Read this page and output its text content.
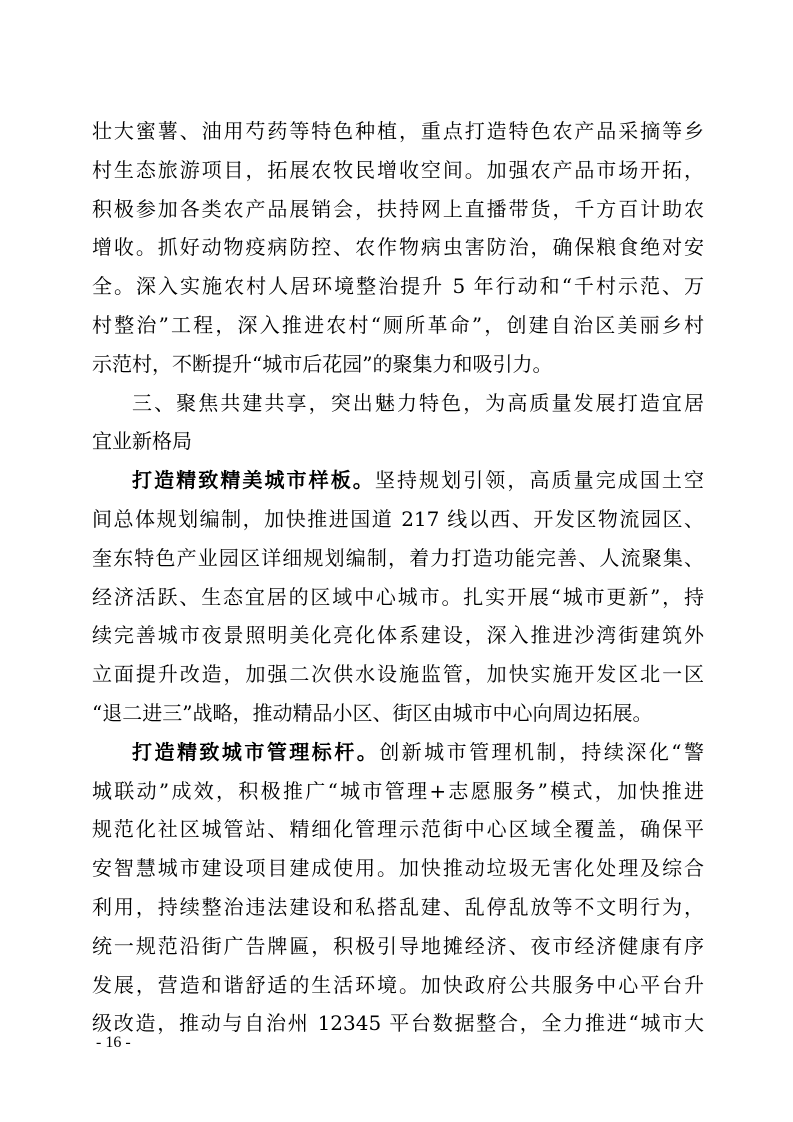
壮大蜜薯、油用芍药等特色种植，重点打造特色农产品采摘等乡
村生态旅游项目，拓展农牧民增收空间。加强农产品市场开拓，
积极参加各类农产品展销会，扶持网上直播带货，千方百计助农
增收。抓好动物疫病防控、农作物病虫害防治，确保粮食绝对安
全。深入实施农村人居环境整治提升 5 年行动和“千村示范、万
村整治”工程，深入推进农村“厕所革命”，创建自治区美丽乡村
示范村，不断提升“城市后花园”的聚集力和吸引力。
三、聚焦共建共享，突出魅力特色，为高质量发展打造宜居
宜业新格局
打造精致精美城市样板。坚持规划引领，高质量完成国土空
间总体规划编制，加快推进国道 217 线以西、开发区物流园区、
奎东特色产业园区详细规划编制，着力打造功能完善、人流聚集、
经济活跃、生态宜居的区域中心城市。扎实开展“城市更新”，持
续完善城市夜景照明美化亮化体系建设，深入推进沙湾街建筑外
立面提升改造，加强二次供水设施监管，加快实施开发区北一区
“退二进三”战略，推动精品小区、街区由城市中心向周边拓展。
打造精致城市管理标杆。创新城市管理机制，持续深化“警
城联动”成效，积极推广“城市管理+志愿服务”模式，加快推进
规范化社区城管站、精细化管理示范街中心区域全覆盖，确保平
安智慧城市建设项目建成使用。加快推动垃圾无害化处理及综合
利用，持续整治违法建设和私搭乱建、乱停乱放等不文明行为，
统一规范沿街广告牌匾，积极引导地摊经济、夜市经济健康有序
发展，营造和谐舒适的生活环境。加快政府公共服务中心平台升
级改造，推动与自治州 12345 平台数据整合，全力推进“城市大
- 16 -
